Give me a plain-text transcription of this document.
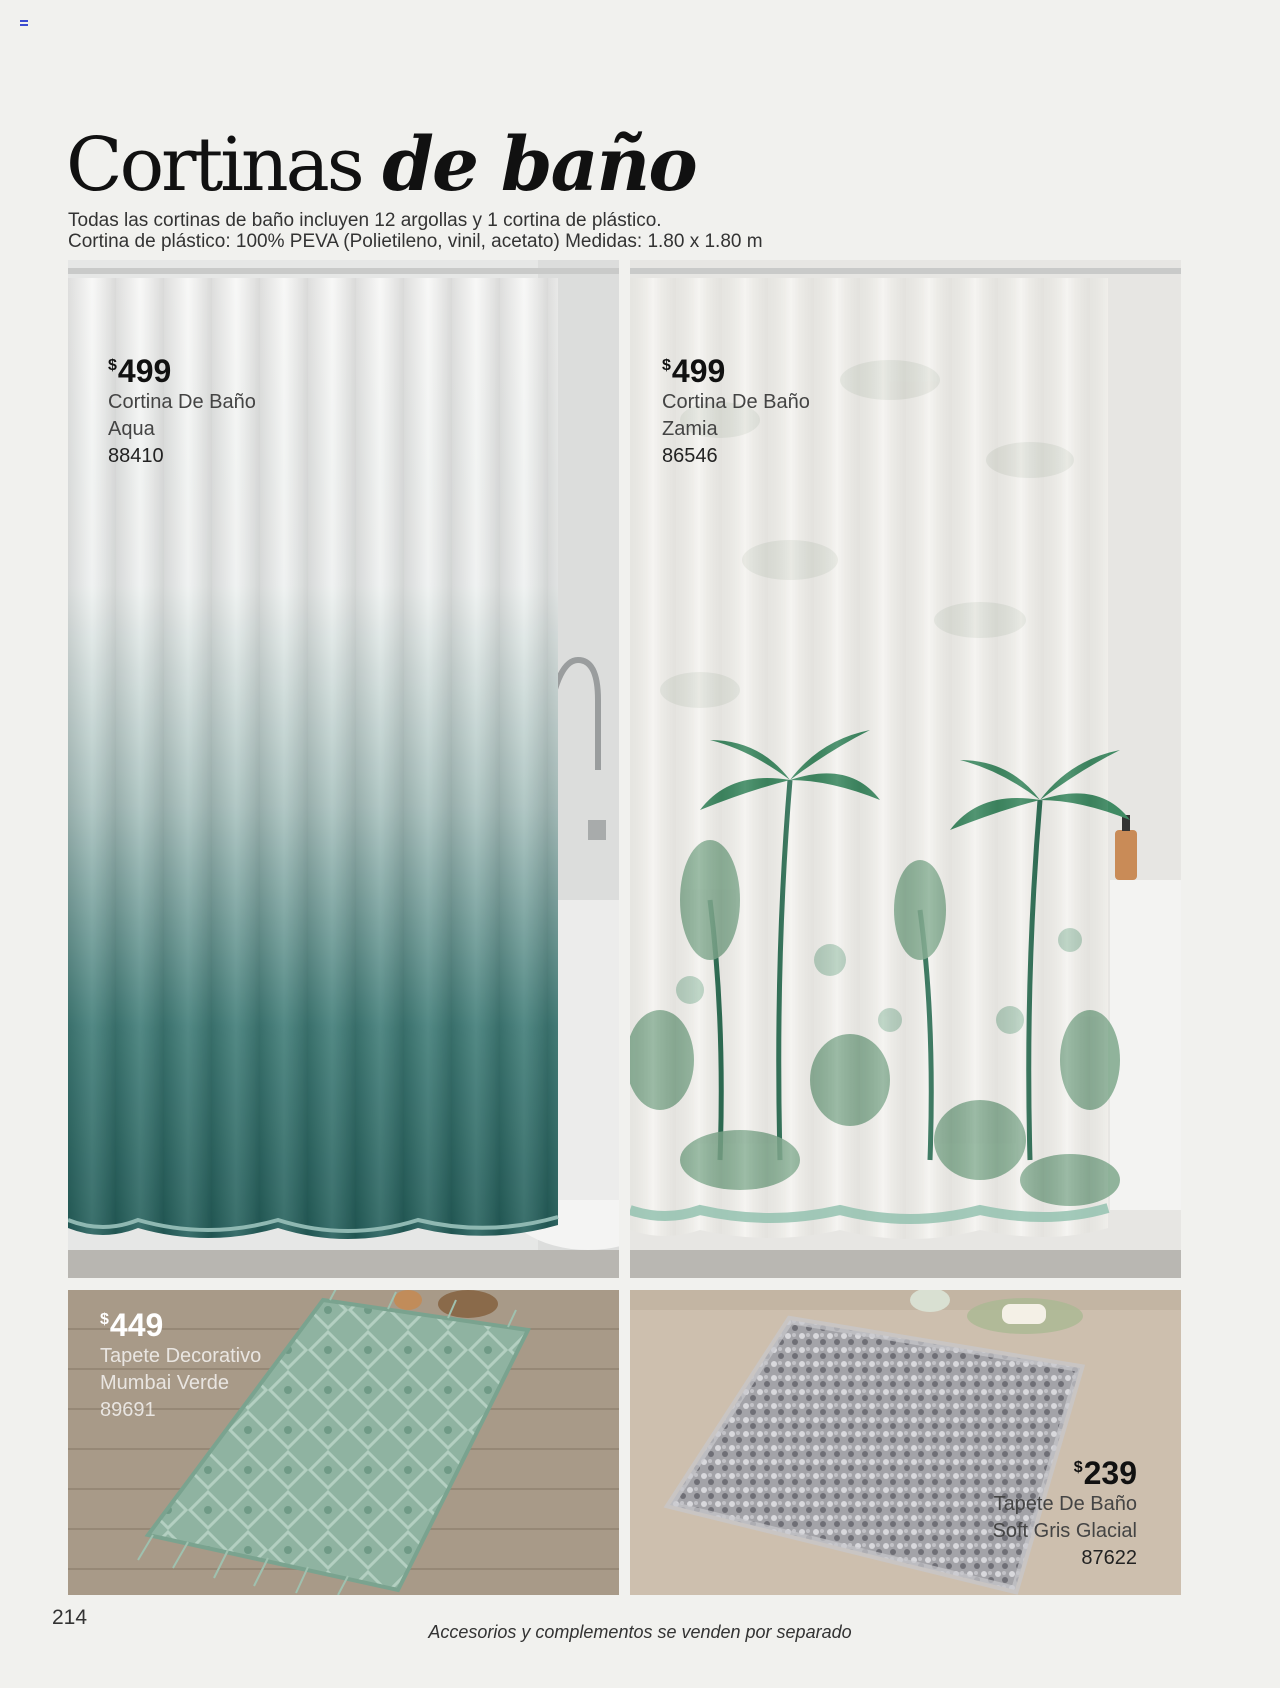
Cortinas de baño
Todas las cortinas de baño incluyen 12 argollas y 1 cortina de plástico.
Cortina de plástico: 100% PEVA (Polietileno, vinil, acetato) Medidas: 1.80 x 1.80 m
$499
Cortina De Baño
Aqua
88410
$499
Cortina De Baño
Zamia
86546
$449
Tapete Decorativo
Mumbai Verde
89691
$239
Tapete De Baño
Soft Gris Glacial
87622
214
Accesorios y complementos se venden por separado
